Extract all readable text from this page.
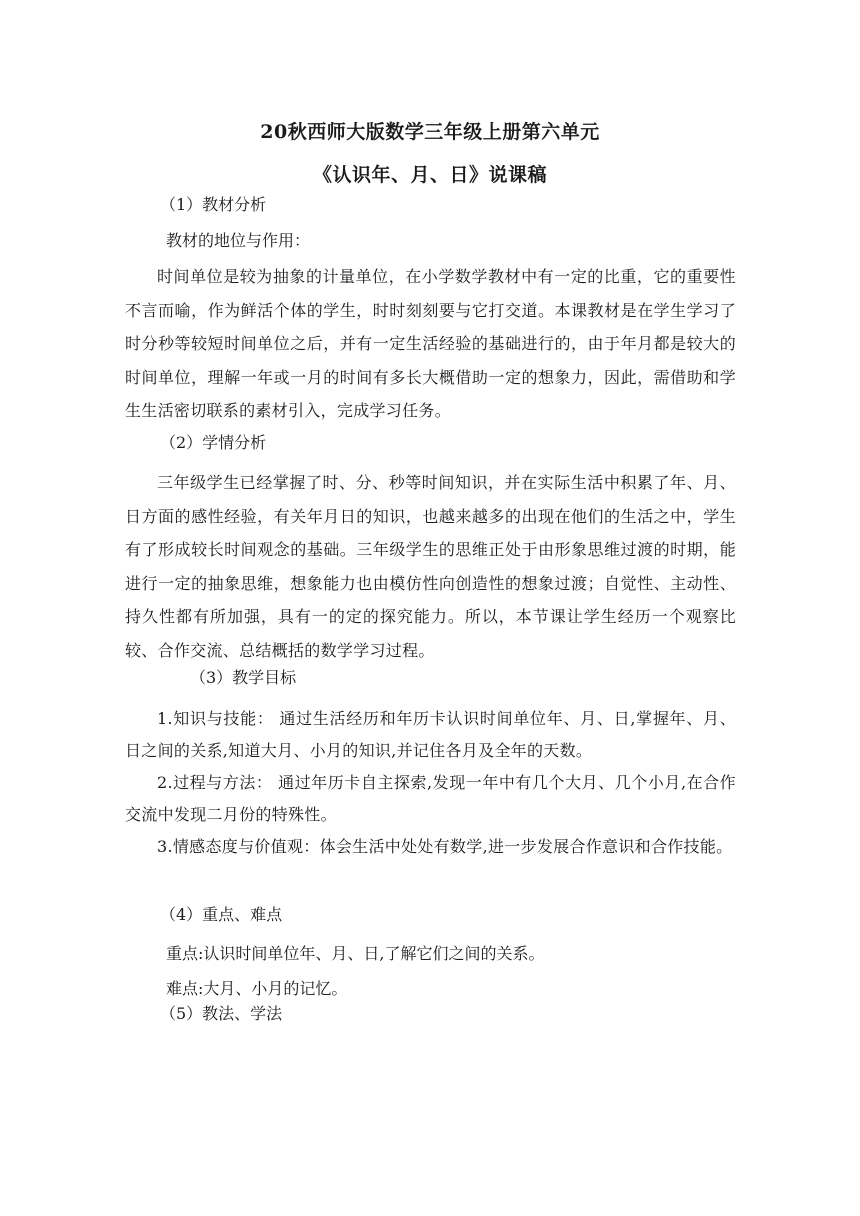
20秋西师大版数学三年级上册第六单元
《认识年、月、日》说课稿
（1）教材分析
教材的地位与作用：
时间单位是较为抽象的计量单位，在小学数学教材中有一定的比重，它的重要性不言而喻，作为鲜活个体的学生，时时刻刻要与它打交道。本课教材是在学生学习了时分秒等较短时间单位之后，并有一定生活经验的基础进行的，由于年月都是较大的时间单位，理解一年或一月的时间有多长大概借助一定的想象力，因此，需借助和学生生活密切联系的素材引入，完成学习任务。
（2）学情分析
三年级学生已经掌握了时、分、秒等时间知识，并在实际生活中积累了年、月、日方面的感性经验，有关年月日的知识，也越来越多的出现在他们的生活之中，学生有了形成较长时间观念的基础。三年级学生的思维正处于由形象思维过渡的时期，能进行一定的抽象思维，想象能力也由模仿性向创造性的想象过渡；自觉性、主动性、持久性都有所加强，具有一的定的探究能力。所以，本节课让学生经历一个观察比较、合作交流、总结概括的数学学习过程。
（3）教学目标
1.知识与技能： 通过生活经历和年历卡认识时间单位年、月、日,掌握年、月、日之间的关系,知道大月、小月的知识,并记住各月及全年的天数。
2.过程与方法： 通过年历卡自主探索,发现一年中有几个大月、几个小月,在合作交流中发现二月份的特殊性。
3.情感态度与价值观：体会生活中处处有数学,进一步发展合作意识和合作技能。
（4）重点、难点
重点:认识时间单位年、月、日,了解它们之间的关系。
难点:大月、小月的记忆。
（5）教法、学法
